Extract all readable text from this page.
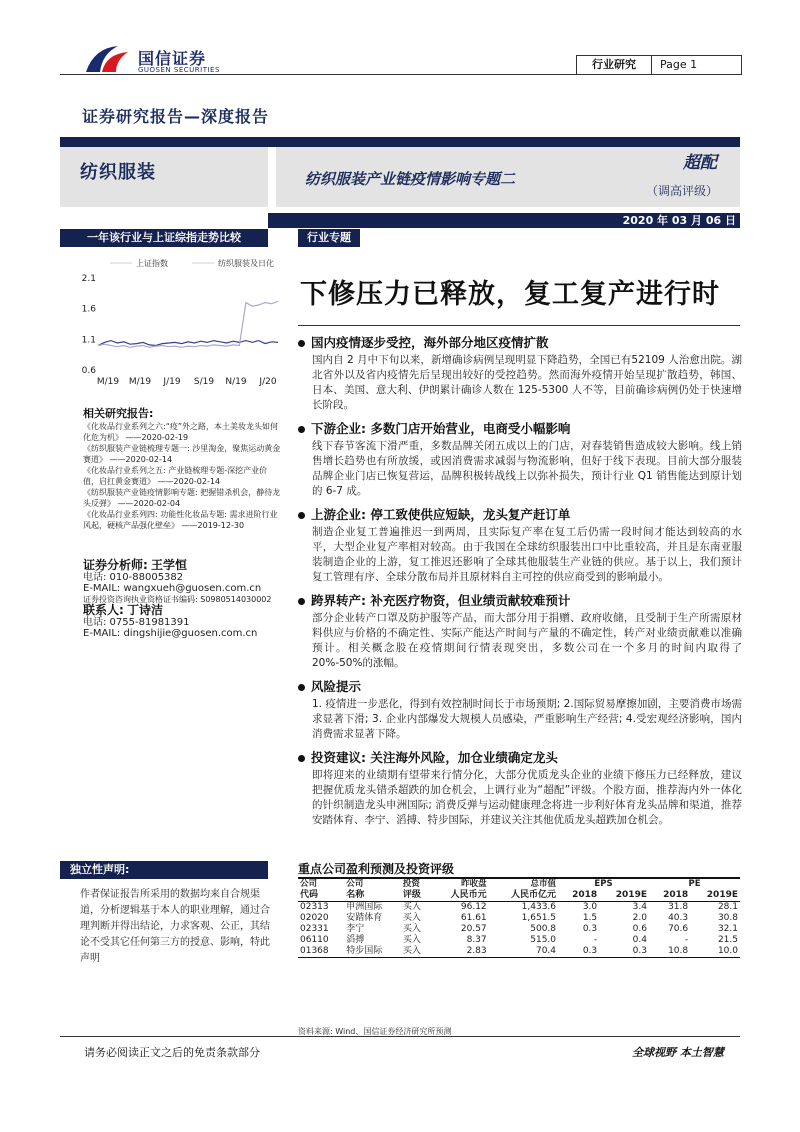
国信证券
GUOSEN SECURITIES	行业研究	Page 1
证券研究报告—深度报告
纺织服装	纺织服装产业链疫情影响专题二
超配
（调高评级）
2020 年 03 月 06 日
一年该行业与上证综指走势比较
上证指数	纺织服装及日化
2.1
1.6
1.1
0.6
M/19 M/19 J/19 S/19 N/19 J/20
相关研究报告:
《化妆品行业系列之六:“疫”外之路，本土美妆龙头如何化危为机》 ——2020-02-19
《纺织服装产业链梳理专题一: 沙里淘金，聚焦运动黄金赛道》 ——2020-02-14
《化妆品行业系列之五: 产业链梳理专题-深挖产业价值，启扛黄金赛道》 ——2020-02-14
《纺织服装产业链疫情影响专题: 把握错杀机会，静待龙头反弹》 ——2020-02-04
《化妆品行业系列四: 功能性化妆品专题: 需求进阶行业风起，硬核产品强化壁垒》 ——2019-12-30
证券分析师: 王学恒
电话: 010-88005382
E-MAIL: wangxueh@guosen.com.cn
证券投资咨询执业资格证书编码: S0980514030002
联系人: 丁诗洁
电话: 0755-81981391
E-MAIL: dingshijie@guosen.com.cn
独立性声明:
作者保证报告所采用的数据均来自合规渠道，分析逻辑基于本人的职业理解，通过合理判断并得出结论，力求客观、公正，其结论不受其它任何第三方的授意、影响，特此声明
行业专题
下修压力已释放，复工复产进行时
国内疫情逐步受控，海外部分地区疫情扩散
国内自 2 月中下旬以来，新增确诊病例呈现明显下降趋势，全国已有52109 人治愈出院。湖北省外以及省内疫情先后呈现出较好的受控趋势。然而海外疫情开始呈现扩散趋势，韩国、日本、美国、意大利、伊朗累计确诊人数在 125-5300 人不等，目前确诊病例仍处于快速增长阶段。
下游企业: 多数门店开始营业，电商受小幅影响
线下春节客流下滑严重，多数品牌关闭五成以上的门店，对春装销售造成较大影响。线上销售增长趋势也有所放缓，或因消费需求减弱与物流影响，但好于线下表现。目前大部分服装品牌企业门店已恢复营运，品牌积极转战线上以弥补损失，预计行业 Q1 销售能达到原计划的 6-7 成。
上游企业: 停工致使供应短缺，龙头复产赶订单
制造企业复工普遍推迟一到两周，且实际复产率在复工后仍需一段时间才能达到较高的水平，大型企业复产率相对较高。由于我国在全球纺织服装出口中比重较高，并且是东南亚服装制造企业的上游，复工推迟还影响了全球其他服装生产业链的供应。基于以上，我们预计复工管理有序、全球分散布局并且原材料自主可控的供应商受到的影响最小。
跨界转产: 补充医疗物资，但业绩贡献较难预计
部分企业转产口罩及防护服等产品，而大部分用于捐赠、政府收储，且受制于生产所需原材料供应与价格的不确定性、实际产能达产时间与产量的不确定性，转产对业绩贡献难以准确预计。相关概念股在疫情期间行情表现突出，多数公司在一个多月的时间内取得了 20%-50%的涨幅。
风险提示
1. 疫情进一步恶化，得到有效控制时间长于市场预期; 2.国际贸易摩擦加剧，主要消费市场需求显著下滑; 3. 企业内部爆发大规模人员感染，严重影响生产经营; 4.受宏观经济影响，国内消费需求显著下降。
投资建议: 关注海外风险，加仓业绩确定龙头
即将迎来的业绩期有望带来行情分化，大部分优质龙头企业的业绩下修压力已经释放，建议把握优质龙头错杀超跌的加仓机会，上调行业为“超配”评级。个股方面，推荐海内外一体化的针织制造龙头申洲国际; 消费反弹与运动健康理念将进一步利好体育龙头品牌和渠道，推荐安踏体育、李宁、滔搏、特步国际，并建议关注其他优质龙头超跌加仓机会。
重点公司盈利预测及投资评级
公司	公司	投资	昨收盘	总市值	EPS		PE	
代码	名称	评级	人民币元	人民币亿元	2018	2019E	2018	2019E
02313	申洲国际	买入	96.12	1,433.6	3.0	3.4	31.8	28.1
02020	安踏体育	买入	61.61	1,651.5	1.5	2.0	40.3	30.8
02331	李宁	买入	20.57	500.8	0.3	0.6	70.6	32.1
06110	滔搏	买入	8.37	515.0	-	0.4	-	21.5
01368	特步国际	买入	2.83	70.4	0.3	0.3	10.8	10.0
资料来源: Wind、国信证券经济研究所预测
请务必阅读正文之后的免责条款部分	全球视野 本土智慧
